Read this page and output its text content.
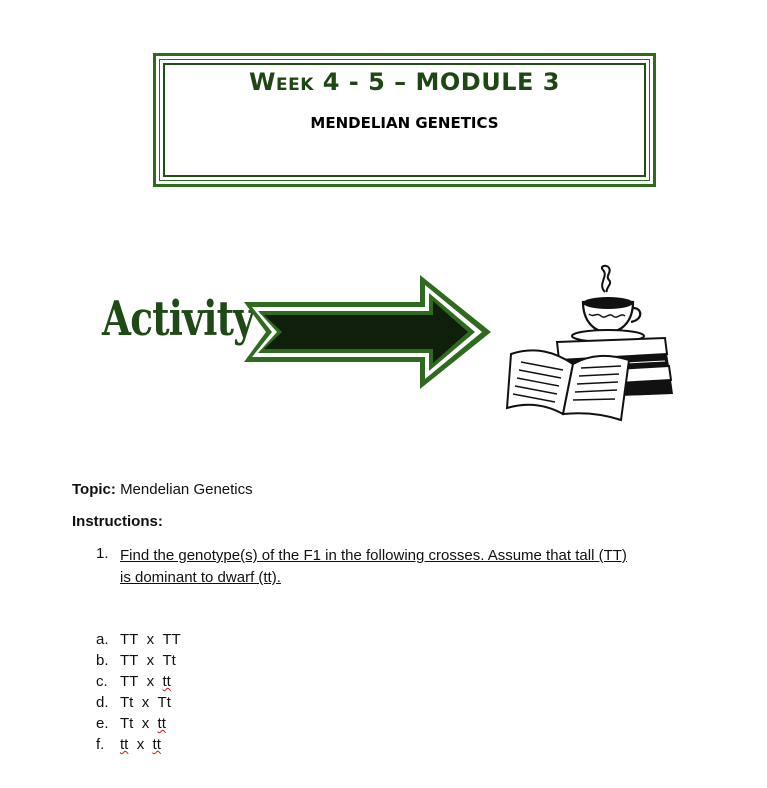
Week 4 - 5 – MODULE 3
MENDELIAN GENETICS
Activity
Topic: Mendelian Genetics
Instructions:
1. Find the genotype(s) of the F1 in the following crosses. Assume that tall (TT)
is dominant to dwarf (tt).
a. TT
x
TT
b. TT
x
Tt
c. TT
x
tt
d. Tt
x
Tt
e. Tt
x
tt
f.	tt
x
tt
